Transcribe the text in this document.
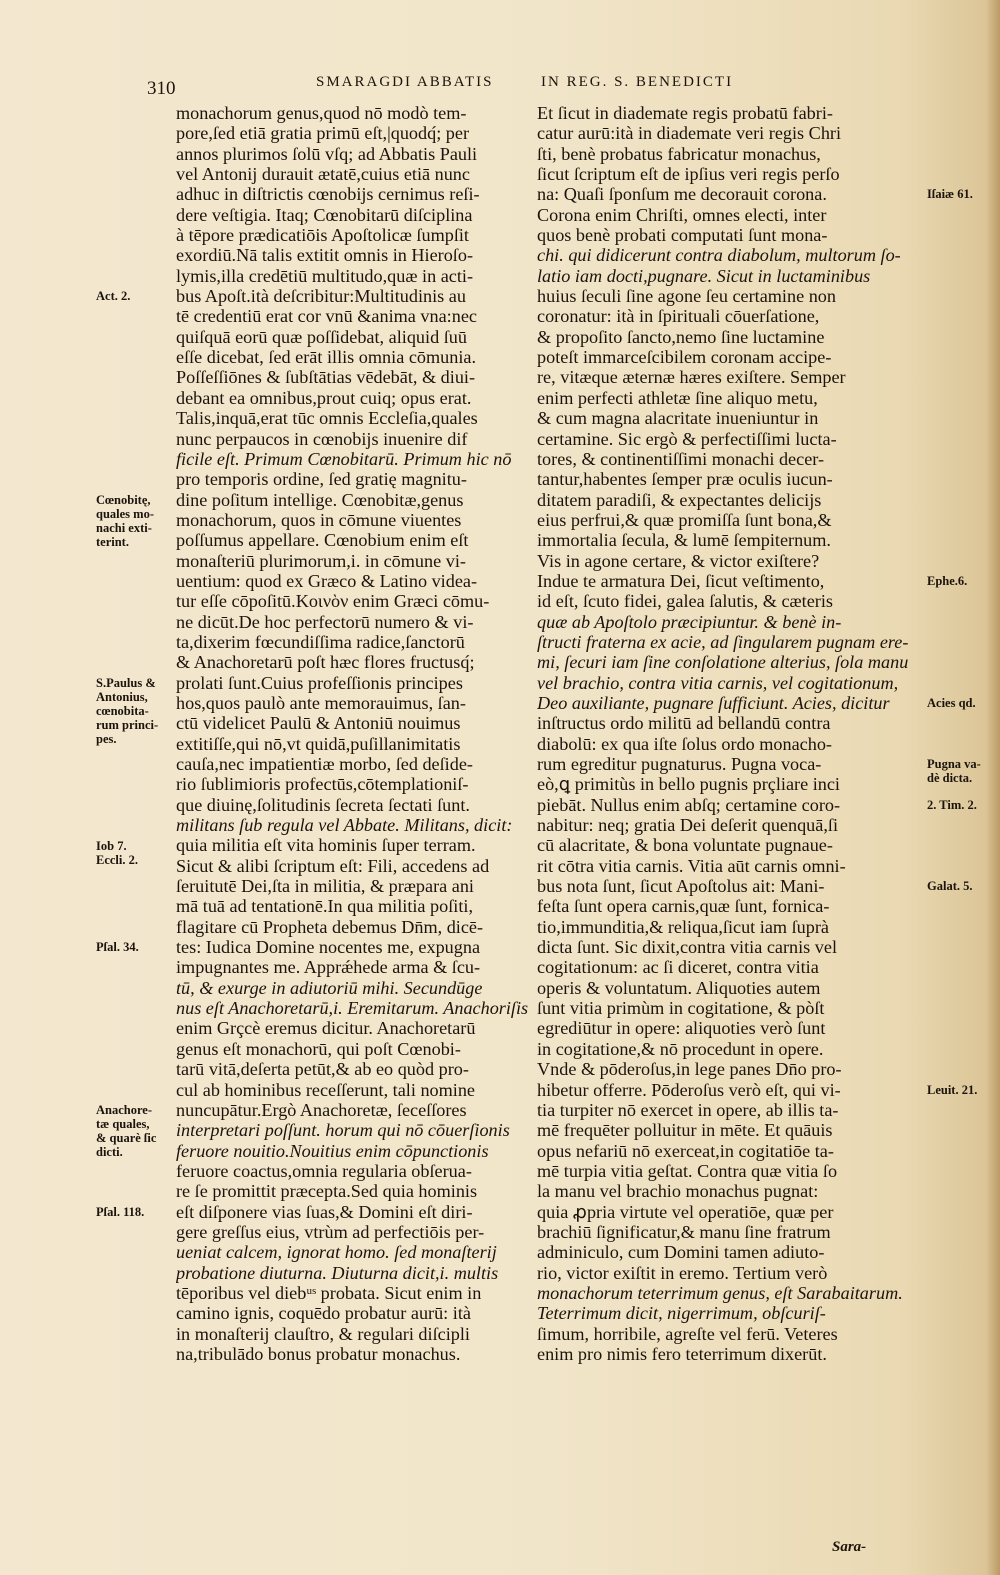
310	SMARAGDI ABBATIS	IN REG. S. BENEDICTI
monachorum genus,quod nō modò tem-
pore,ſed etiā gratia primū eſt,|quodq́; per
annos plurimos ſolū vſq; ad Abbatis Pauli
vel Antonij durauit ætatē,cuius etiā nunc
adhuc in diſtrictis cœnobijs cernimus reſi-
dere veſtigia. Itaq; Cœnobitarū diſciplina
à tēpore prædicatiōis Apoſtolicæ ſumpſit
exordiū.Nā talis extitit omnis in Hieroſo-
lymis,illa credētiū multitudo,quæ in acti-
bus Apoſt.ità deſcribitur:Multitudinis au
tē credentiū erat cor vnū &anima vna:nec
quiſquā eorū quæ poſſidebat, aliquid ſuū
eſſe dicebat, ſed erāt illis omnia cōmunia.
Poſſeſſiōnes & ſubſtātias vēdebāt, & diui-
debant ea omnibus,prout cuiq; opus erat.
Talis,inquā,erat tūc omnis Eccleſia,quales
nunc perpaucos in cœnobijs inuenire dif
ficile eſt. Primum Cœnobitarū. Primum hic nō
pro temporis ordine, ſed gratię magnitu-
dine poſitum intellige. Cœnobitæ,genus
monachorum, quos in cōmune viuentes
poſſumus appellare. Cœnobium enim eſt
monaſteriū plurimorum,i. in cōmune vi-
uentium: quod ex Græco & Latino videa-
tur eſſe cōpoſitū.Κοινὸν enim Græci cōmu-
ne dicūt.De hoc perfectorū numero & vi-
ta,dixerim fœcundiſſima radice,ſanctorū
& Anachoretarū poſt hæc flores fructusq́;
prolati ſunt.Cuius profeſſionis principes
hos,quos paulò ante memorauimus, ſan-
ctū videlicet Paulū & Antoniū nouimus
extitiſſe,qui nō,vt quidā,puſillanimitatis
cauſa,nec impatientiæ morbo, ſed deſide-
rio ſublimioris profectūs,cōtemplationiſ-
que diuinę,ſolitudinis ſecreta ſectati ſunt.
militans ſub regula vel Abbate. Militans, dicit:
quia militia eſt vita hominis ſuper terram.
Sicut & alibi ſcriptum eſt: Fili, accedens ad
ſeruitutē Dei,ſta in militia, & præpara ani
mā tuā ad tentationē.In qua militia poſiti,
flagitare cū Propheta debemus Dn̄m, dicē-
tes: Iudica Domine nocentes me, expugna
impugnantes me. Apprǽhede arma & ſcu-
tū, & exurge in adiutoriū mihi. Secundūge
nus eſt Anachoretarū,i. Eremitarum. Anachoriſis
enim Grçcè eremus dicitur. Anachoretarū
genus eſt monachorū, qui poſt Cœnobi-
tarū vitā,deſerta petūt,& ab eo quòd pro-
cul ab hominibus receſſerunt, tali nomine
nuncupātur.Ergò Anachoretæ, ſeceſſores
interpretari poſſunt. horum qui nō cōuerſionis
feruore nouitio.Nouitius enim cōpunctionis
feruore coactus,omnia regularia obſerua-
re ſe promittit præcepta.Sed quia hominis
eſt diſponere vias ſuas,& Domini eſt diri-
gere greſſus eius, vtrùm ad perfectiōis per-
ueniat calcem, ignorat homo. ſed monaſterij
probatione diuturna. Diuturna dicit,i. multis
tēporibus vel diebᵘˢ probata. Sicut enim in
camino ignis, coquēdo probatur aurū: ità
in monaſterij clauſtro, & regulari diſcipli
na,tribulādo bonus probatur monachus.
Et ſicut in diademate regis probatū fabri-
catur aurū:ità in diademate veri regis Chri
ſti, benè probatus fabricatur monachus,
ſicut ſcriptum eſt de ipſius veri regis perſo
na: Quaſi ſponſum me decorauit corona.
Corona enim Chriſti, omnes electi, inter
quos benè probati computati ſunt mona-
chi. qui didicerunt contra diabolum, multorum ſo-
latio iam docti,pugnare. Sicut in luctaminibus
huius ſeculi ſine agone ſeu certamine non
coronatur: ità in ſpirituali cōuerſatione,
& propoſito ſancto,nemo ſine luctamine
poteſt immarceſcibilem coronam accipe-
re, vitæque æternæ hæres exiſtere. Semper
enim perfecti athletæ ſine aliquo metu,
& cum magna alacritate inueniuntur in
certamine. Sic ergò & perfectiſſimi lucta-
tores, & continentiſſimi monachi decer-
tantur,habentes ſemper præ oculis iucun-
ditatem paradiſi, & expectantes delicijs
eius perfrui,& quæ promiſſa ſunt bona,&
immortalia ſecula, & lumē ſempiternum.
Vis in agone certare, & victor exiſtere?
Indue te armatura Dei, ſicut veſtimento,
id eſt, ſcuto fidei, galea ſalutis, & cæteris
quæ ab Apoſtolo præcipiuntur. & benè in-
ſtructi fraterna ex acie, ad ſingularem pugnam ere-
mi, ſecuri iam ſine conſolatione alterius, ſola manu
vel brachio, contra vitia carnis, vel cogitationum,
Deo auxiliante, pugnare ſufficiunt. Acies, dicitur
inſtructus ordo militū ad bellandū contra
diabolū: ex qua iſte ſolus ordo monacho-
rum egreditur pugnaturus. Pugna voca-
eò,ꝗ primitùs in bello pugnis prçliare inci
piebāt. Nullus enim abſq; certamine coro-
nabitur: neq; gratia Dei deſerit quenquā,ſi
cū alacritate, & bona voluntate pugnaue-
rit cōtra vitia carnis. Vitia aūt carnis omni-
bus nota ſunt, ſicut Apoſtolus ait: Mani-
feſta ſunt opera carnis,quæ ſunt, fornica-
tio,immunditia,& reliqua,ſicut iam ſuprà
dicta ſunt. Sic dixit,contra vitia carnis vel
cogitationum: ac ſi diceret, contra vitia
operis & voluntatum. Aliquoties autem
ſunt vitia primùm in cogitatione, & pòſt
egrediūtur in opere: aliquoties verò ſunt
in cogitatione,& nō procedunt in opere.
Vnde & pōderoſus,in lege panes Dn̄o pro-
hibetur offerre. Pōderoſus verò eſt, qui vi-
tia turpiter nō exercet in opere, ab illis ta-
mē frequēter polluitur in mēte. Et quāuis
opus nefariū nō exerceat,in cogitatiōe ta-
mē turpia vitia geſtat. Contra quæ vitia ſo
la manu vel brachio monachus pugnat:
quia ꝓpria virtute vel operatiōe, quæ per
brachiū ſignificatur,& manu ſine fratrum
adminiculo, cum Domini tamen adiuto-
rio, victor exiſtit in eremo. Tertium verò
monachorum teterrimum genus, eſt Sarabaitarum.
Teterrimum dicit, nigerrimum, obſcuriſ-
ſimum, horribile, agreſte vel ferū. Veteres
enim pro nimis fero teterrimum dixerūt.
Act. 2.
Cœnobitę,
quales mo-
nachi exti-
terint.
S.Paulus &
Antonius,
cœnobita-
rum princi-
pes.
Iob 7.
Eccli. 2.
Pſal. 34.
Anachore-
tæ quales,
& quarè ſic
dicti.
Pſal. 118.
Iſaiæ 61.
Ephe.6.
Acies qd.
Pugna va-
dè dicta.
2. Tim. 2.
Galat. 5.
Leuit. 21.
Sara-
